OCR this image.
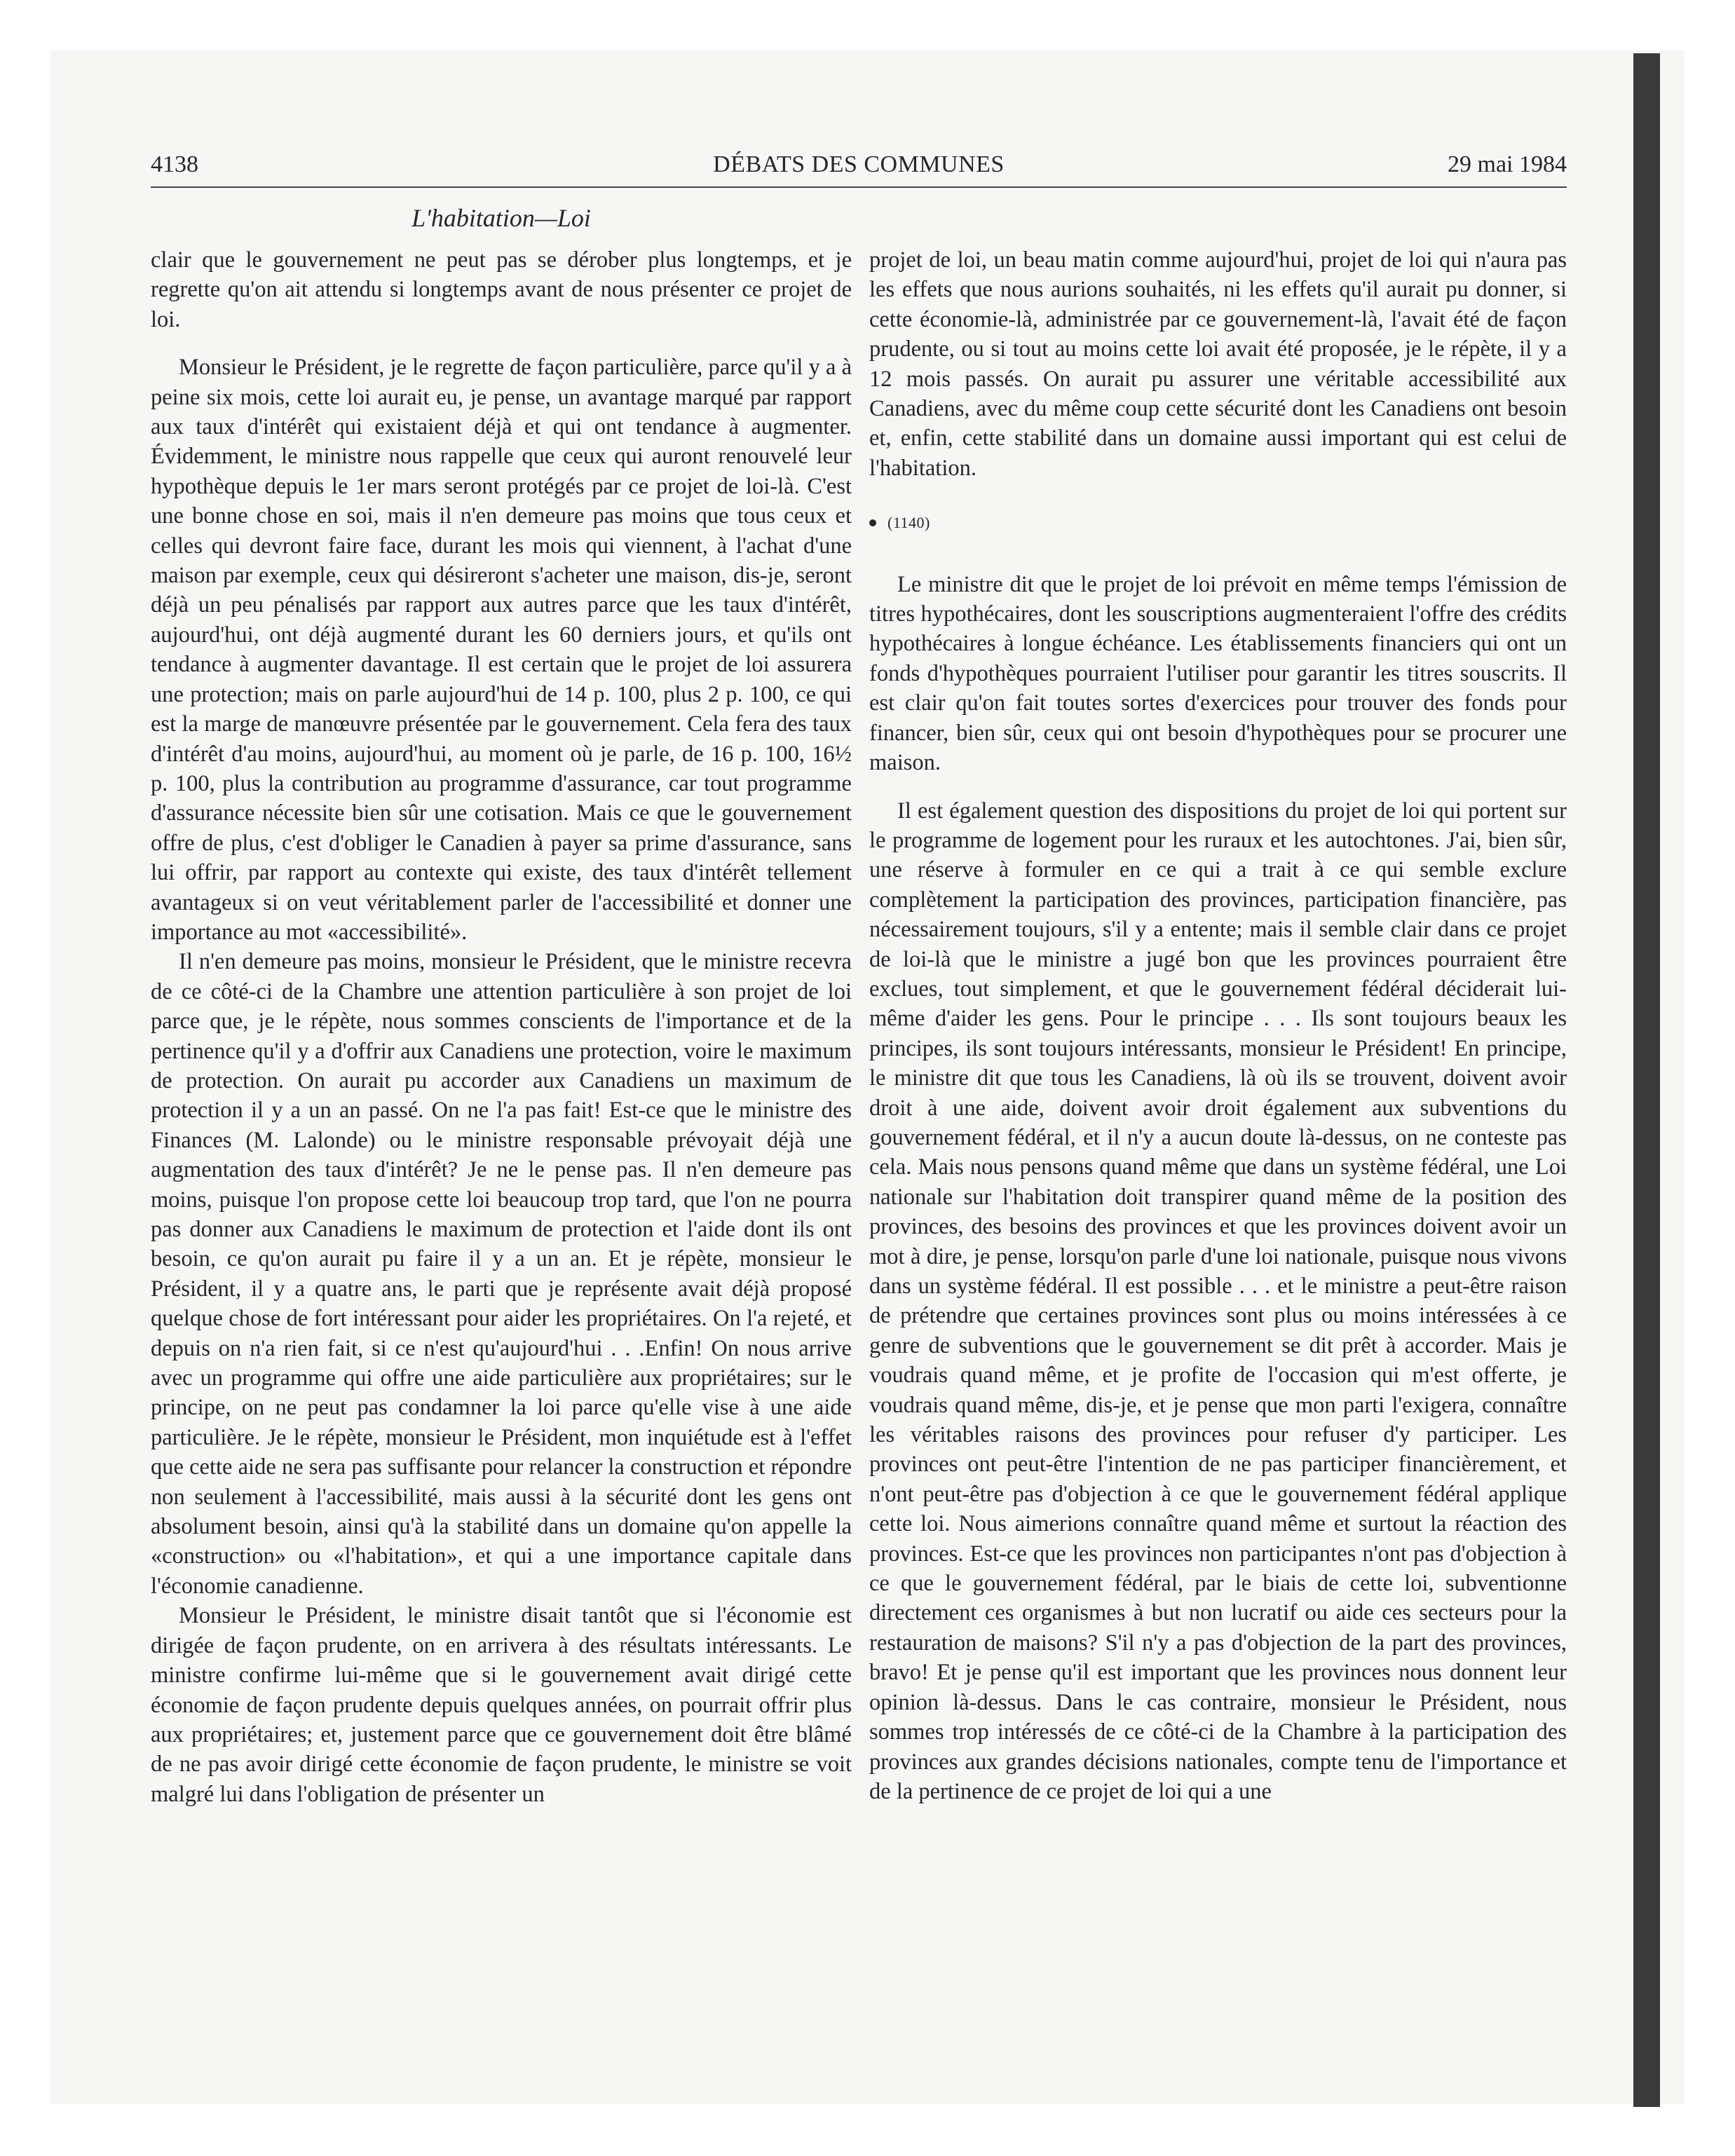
4138	DÉBATS DES COMMUNES	29 mai 1984
L'habitation—Loi

clair que le gouvernement ne peut pas se dérober plus longtemps, et je regrette qu'on ait attendu si longtemps avant de nous présenter ce projet de loi.

Monsieur le Président, je le regrette de façon particulière, parce qu'il y a à peine six mois, cette loi aurait eu, je pense, un avantage marqué par rapport aux taux d'intérêt qui existaient déjà et qui ont tendance à augmenter. Évidemment, le ministre nous rappelle que ceux qui auront renouvelé leur hypothèque depuis le 1er mars seront protégés par ce projet de loi-là. C'est une bonne chose en soi, mais il n'en demeure pas moins que tous ceux et celles qui devront faire face, durant les mois qui viennent, à l'achat d'une maison par exemple, ceux qui désireront s'acheter une maison, dis-je, seront déjà un peu pénalisés par rapport aux autres parce que les taux d'intérêt, aujourd'hui, ont déjà augmenté durant les 60 derniers jours, et qu'ils ont tendance à augmenter davantage. Il est certain que le projet de loi assurera une protection; mais on parle aujourd'hui de 14 p. 100, plus 2 p. 100, ce qui est la marge de manœuvre présentée par le gouvernement. Cela fera des taux d'intérêt d'au moins, aujourd'hui, au moment où je parle, de 16 p. 100, 16½ p. 100, plus la contribution au programme d'assurance, car tout programme d'assurance nécessite bien sûr une cotisation. Mais ce que le gouvernement offre de plus, c'est d'obliger le Canadien à payer sa prime d'assurance, sans lui offrir, par rapport au contexte qui existe, des taux d'intérêt tellement avantageux si on veut véritablement parler de l'accessibilité et donner une importance au mot «accessibilité».

Il n'en demeure pas moins, monsieur le Président, que le ministre recevra de ce côté-ci de la Chambre une attention particulière à son projet de loi parce que, je le répète, nous sommes conscients de l'importance et de la pertinence qu'il y a d'offrir aux Canadiens une protection, voire le maximum de protection. On aurait pu accorder aux Canadiens un maximum de protection il y a un an passé. On ne l'a pas fait! Est-ce que le ministre des Finances (M. Lalonde) ou le ministre responsable prévoyait déjà une augmentation des taux d'intérêt? Je ne le pense pas. Il n'en demeure pas moins, puisque l'on propose cette loi beaucoup trop tard, que l'on ne pourra pas donner aux Canadiens le maximum de protection et l'aide dont ils ont besoin, ce qu'on aurait pu faire il y a un an. Et je répète, monsieur le Président, il y a quatre ans, le parti que je représente avait déjà proposé quelque chose de fort intéressant pour aider les propriétaires. On l'a rejeté, et depuis on n'a rien fait, si ce n'est qu'aujourd'hui . . .Enfin! On nous arrive avec un programme qui offre une aide particulière aux propriétaires; sur le principe, on ne peut pas condamner la loi parce qu'elle vise à une aide particulière. Je le répète, monsieur le Président, mon inquiétude est à l'effet que cette aide ne sera pas suffisante pour relancer la construction et répondre non seulement à l'accessibilité, mais aussi à la sécurité dont les gens ont absolument besoin, ainsi qu'à la stabilité dans un domaine qu'on appelle la «construction» ou «l'habitation», et qui a une importance capitale dans l'économie canadienne.

Monsieur le Président, le ministre disait tantôt que si l'économie est dirigée de façon prudente, on en arrivera à des résultats intéressants. Le ministre confirme lui-même que si le gouvernement avait dirigé cette économie de façon prudente depuis quelques années, on pourrait offrir plus aux propriétaires; et, justement parce que ce gouvernement doit être blâmé de ne pas avoir dirigé cette économie de façon prudente, le ministre se voit malgré lui dans l'obligation de présenter un

projet de loi, un beau matin comme aujourd'hui, projet de loi qui n'aura pas les effets que nous aurions souhaités, ni les effets qu'il aurait pu donner, si cette économie-là, administrée par ce gouvernement-là, l'avait été de façon prudente, ou si tout au moins cette loi avait été proposée, je le répète, il y a 12 mois passés. On aurait pu assurer une véritable accessibilité aux Canadiens, avec du même coup cette sécurité dont les Canadiens ont besoin et, enfin, cette stabilité dans un domaine aussi important qui est celui de l'habitation.

(1140)

Le ministre dit que le projet de loi prévoit en même temps l'émission de titres hypothécaires, dont les souscriptions augmenteraient l'offre des crédits hypothécaires à longue échéance. Les établissements financiers qui ont un fonds d'hypothèques pourraient l'utiliser pour garantir les titres souscrits. Il est clair qu'on fait toutes sortes d'exercices pour trouver des fonds pour financer, bien sûr, ceux qui ont besoin d'hypothèques pour se procurer une maison.

Il est également question des dispositions du projet de loi qui portent sur le programme de logement pour les ruraux et les autochtones. J'ai, bien sûr, une réserve à formuler en ce qui a trait à ce qui semble exclure complètement la participation des provinces, participation financière, pas nécessairement toujours, s'il y a entente; mais il semble clair dans ce projet de loi-là que le ministre a jugé bon que les provinces pourraient être exclues, tout simplement, et que le gouvernement fédéral déciderait lui-même d'aider les gens. Pour le principe . . . Ils sont toujours beaux les principes, ils sont toujours intéressants, monsieur le Président! En principe, le ministre dit que tous les Canadiens, là où ils se trouvent, doivent avoir droit à une aide, doivent avoir droit également aux subventions du gouvernement fédéral, et il n'y a aucun doute là-dessus, on ne conteste pas cela. Mais nous pensons quand même que dans un système fédéral, une Loi nationale sur l'habitation doit transpirer quand même de la position des provinces, des besoins des provinces et que les provinces doivent avoir un mot à dire, je pense, lorsqu'on parle d'une loi nationale, puisque nous vivons dans un système fédéral. Il est possible . . . et le ministre a peut-être raison de prétendre que certaines provinces sont plus ou moins intéressées à ce genre de subventions que le gouvernement se dit prêt à accorder. Mais je voudrais quand même, et je profite de l'occasion qui m'est offerte, je voudrais quand même, dis-je, et je pense que mon parti l'exigera, connaître les véritables raisons des provinces pour refuser d'y participer. Les provinces ont peut-être l'intention de ne pas participer financièrement, et n'ont peut-être pas d'objection à ce que le gouvernement fédéral applique cette loi. Nous aimerions connaître quand même et surtout la réaction des provinces. Est-ce que les provinces non participantes n'ont pas d'objection à ce que le gouvernement fédéral, par le biais de cette loi, subventionne directement ces organismes à but non lucratif ou aide ces secteurs pour la restauration de maisons? S'il n'y a pas d'objection de la part des provinces, bravo! Et je pense qu'il est important que les provinces nous donnent leur opinion là-dessus. Dans le cas contraire, monsieur le Président, nous sommes trop intéressés de ce côté-ci de la Chambre à la participation des provinces aux grandes décisions nationales, compte tenu de l'importance et de la pertinence de ce projet de loi qui a une
